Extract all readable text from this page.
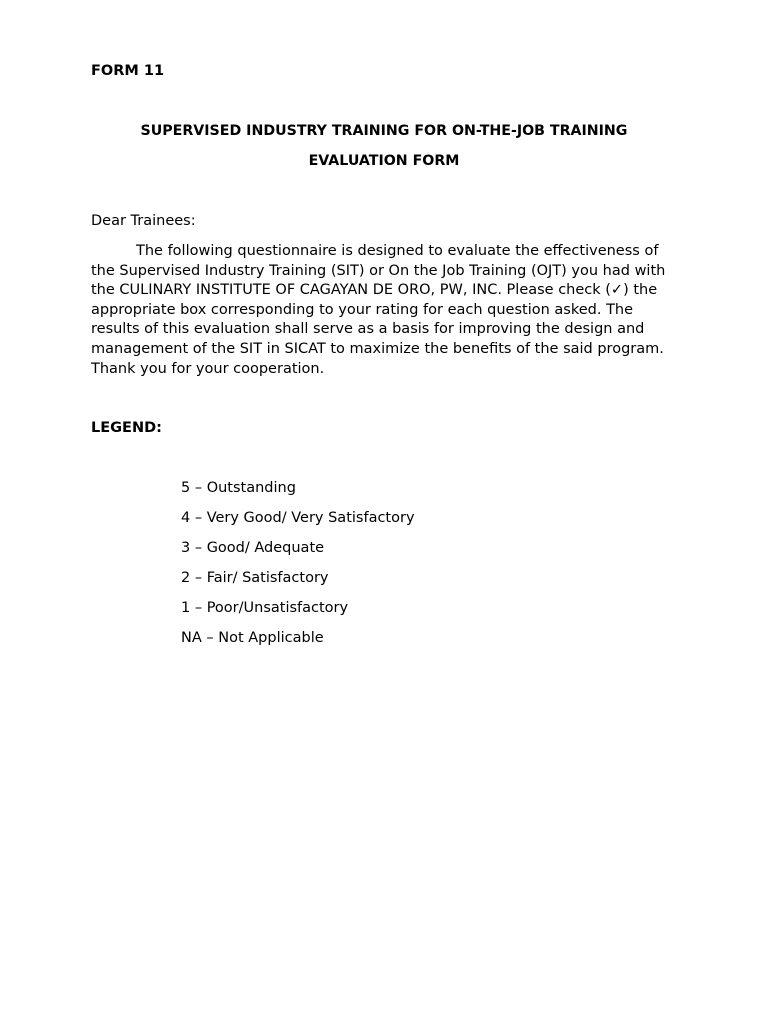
FORM 11

SUPERVISED INDUSTRY TRAINING FOR ON-THE-JOB TRAINING

EVALUATION FORM

Dear Trainees:

The following questionnaire is designed to evaluate the effectiveness of the Supervised Industry Training (SIT) or On the Job Training (OJT) you had with the CULINARY INSTITUTE OF CAGAYAN DE ORO, PW, INC. Please check (✓) the appropriate box corresponding to your rating for each question asked. The results of this evaluation shall serve as a basis for improving the design and management of the SIT in SICAT to maximize the benefits of the said program. Thank you for your cooperation.

LEGEND:

5 – Outstanding
4 – Very Good/ Very Satisfactory
3 – Good/ Adequate
2 – Fair/ Satisfactory
1 – Poor/Unsatisfactory
NA – Not Applicable
